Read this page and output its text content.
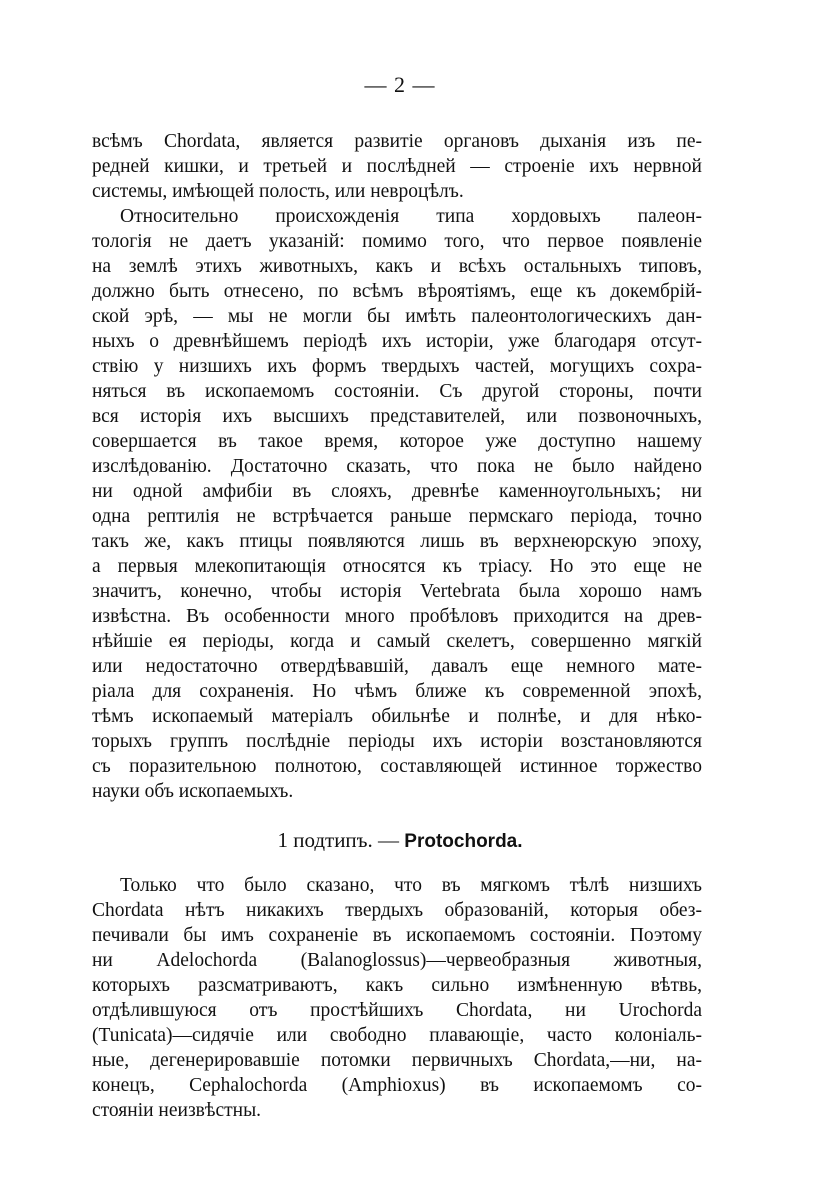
— 2 —
всѣмъ Chordata, является развитіе органовъ дыханія изъ пе-
редней кишки, и третьей и послѣдней — строеніе ихъ нервной
системы, имѣющей полость, или невроцѣлъ.
Относительно происхожденія типа хордовыхъ палеон-
тологія не даетъ указаній: помимо того, что первое появленіе
на землѣ этихъ животныхъ, какъ и всѣхъ остальныхъ типовъ,
должно быть отнесено, по всѣмъ вѣроятіямъ, еще къ докембрій-
ской эрѣ, — мы не могли бы имѣть палеонтологическихъ дан-
ныхъ о древнѣйшемъ періодѣ ихъ исторіи, уже благодаря отсут-
ствію у низшихъ ихъ формъ твердыхъ частей, могущихъ сохра-
няться въ ископаемомъ состояніи. Съ другой стороны, почти
вся исторія ихъ высшихъ представителей, или позвоночныхъ,
совершается въ такое время, которое уже доступно нашему
изслѣдованію. Достаточно сказать, что пока не было найдено
ни одной амфибіи въ слояхъ, древнѣе каменноугольныхъ; ни
одна рептилія не встрѣчается раньше пермскаго періода, точно
такъ же, какъ птицы появляются лишь въ верхнеюрскую эпоху,
а первыя млекопитающія относятся къ тріасу. Но это еще не
значитъ, конечно, чтобы исторія Vertebrata была хорошо намъ
извѣстна. Въ особенности много пробѣловъ приходится на древ-
нѣйшіе ея періоды, когда и самый скелетъ, совершенно мягкій
или недостаточно отвердѣвавшій, давалъ еще немного мате-
ріала для сохраненія. Но чѣмъ ближе къ современной эпохѣ,
тѣмъ ископаемый матеріалъ обильнѣе и полнѣе, и для нѣко-
торыхъ группъ послѣдніе періоды ихъ исторіи возстановляются
съ поразительною полнотою, составляющей истинное торжество
науки объ ископаемыхъ.
1 подтипъ. — Protochorda.
Только что было сказано, что въ мягкомъ тѣлѣ низшихъ
Chordata нѣтъ никакихъ твердыхъ образованій, которыя обез-
печивали бы имъ сохраненіе въ ископаемомъ состояніи. Поэтому
ни Adelochorda (Balanoglossus)—червеобразныя животныя,
которыхъ разсматриваютъ, какъ сильно измѣненную вѣтвь,
отдѣлившуюся отъ простѣйшихъ Chordata, ни Urochorda
(Tunicata)—сидячіе или свободно плавающіе, часто колоніаль-
ные, дегенерировавшіе потомки первичныхъ Chordata,—ни, на-
конецъ, Cephalochorda (Amphioxus) въ ископаемомъ со-
стояніи неизвѣстны.
